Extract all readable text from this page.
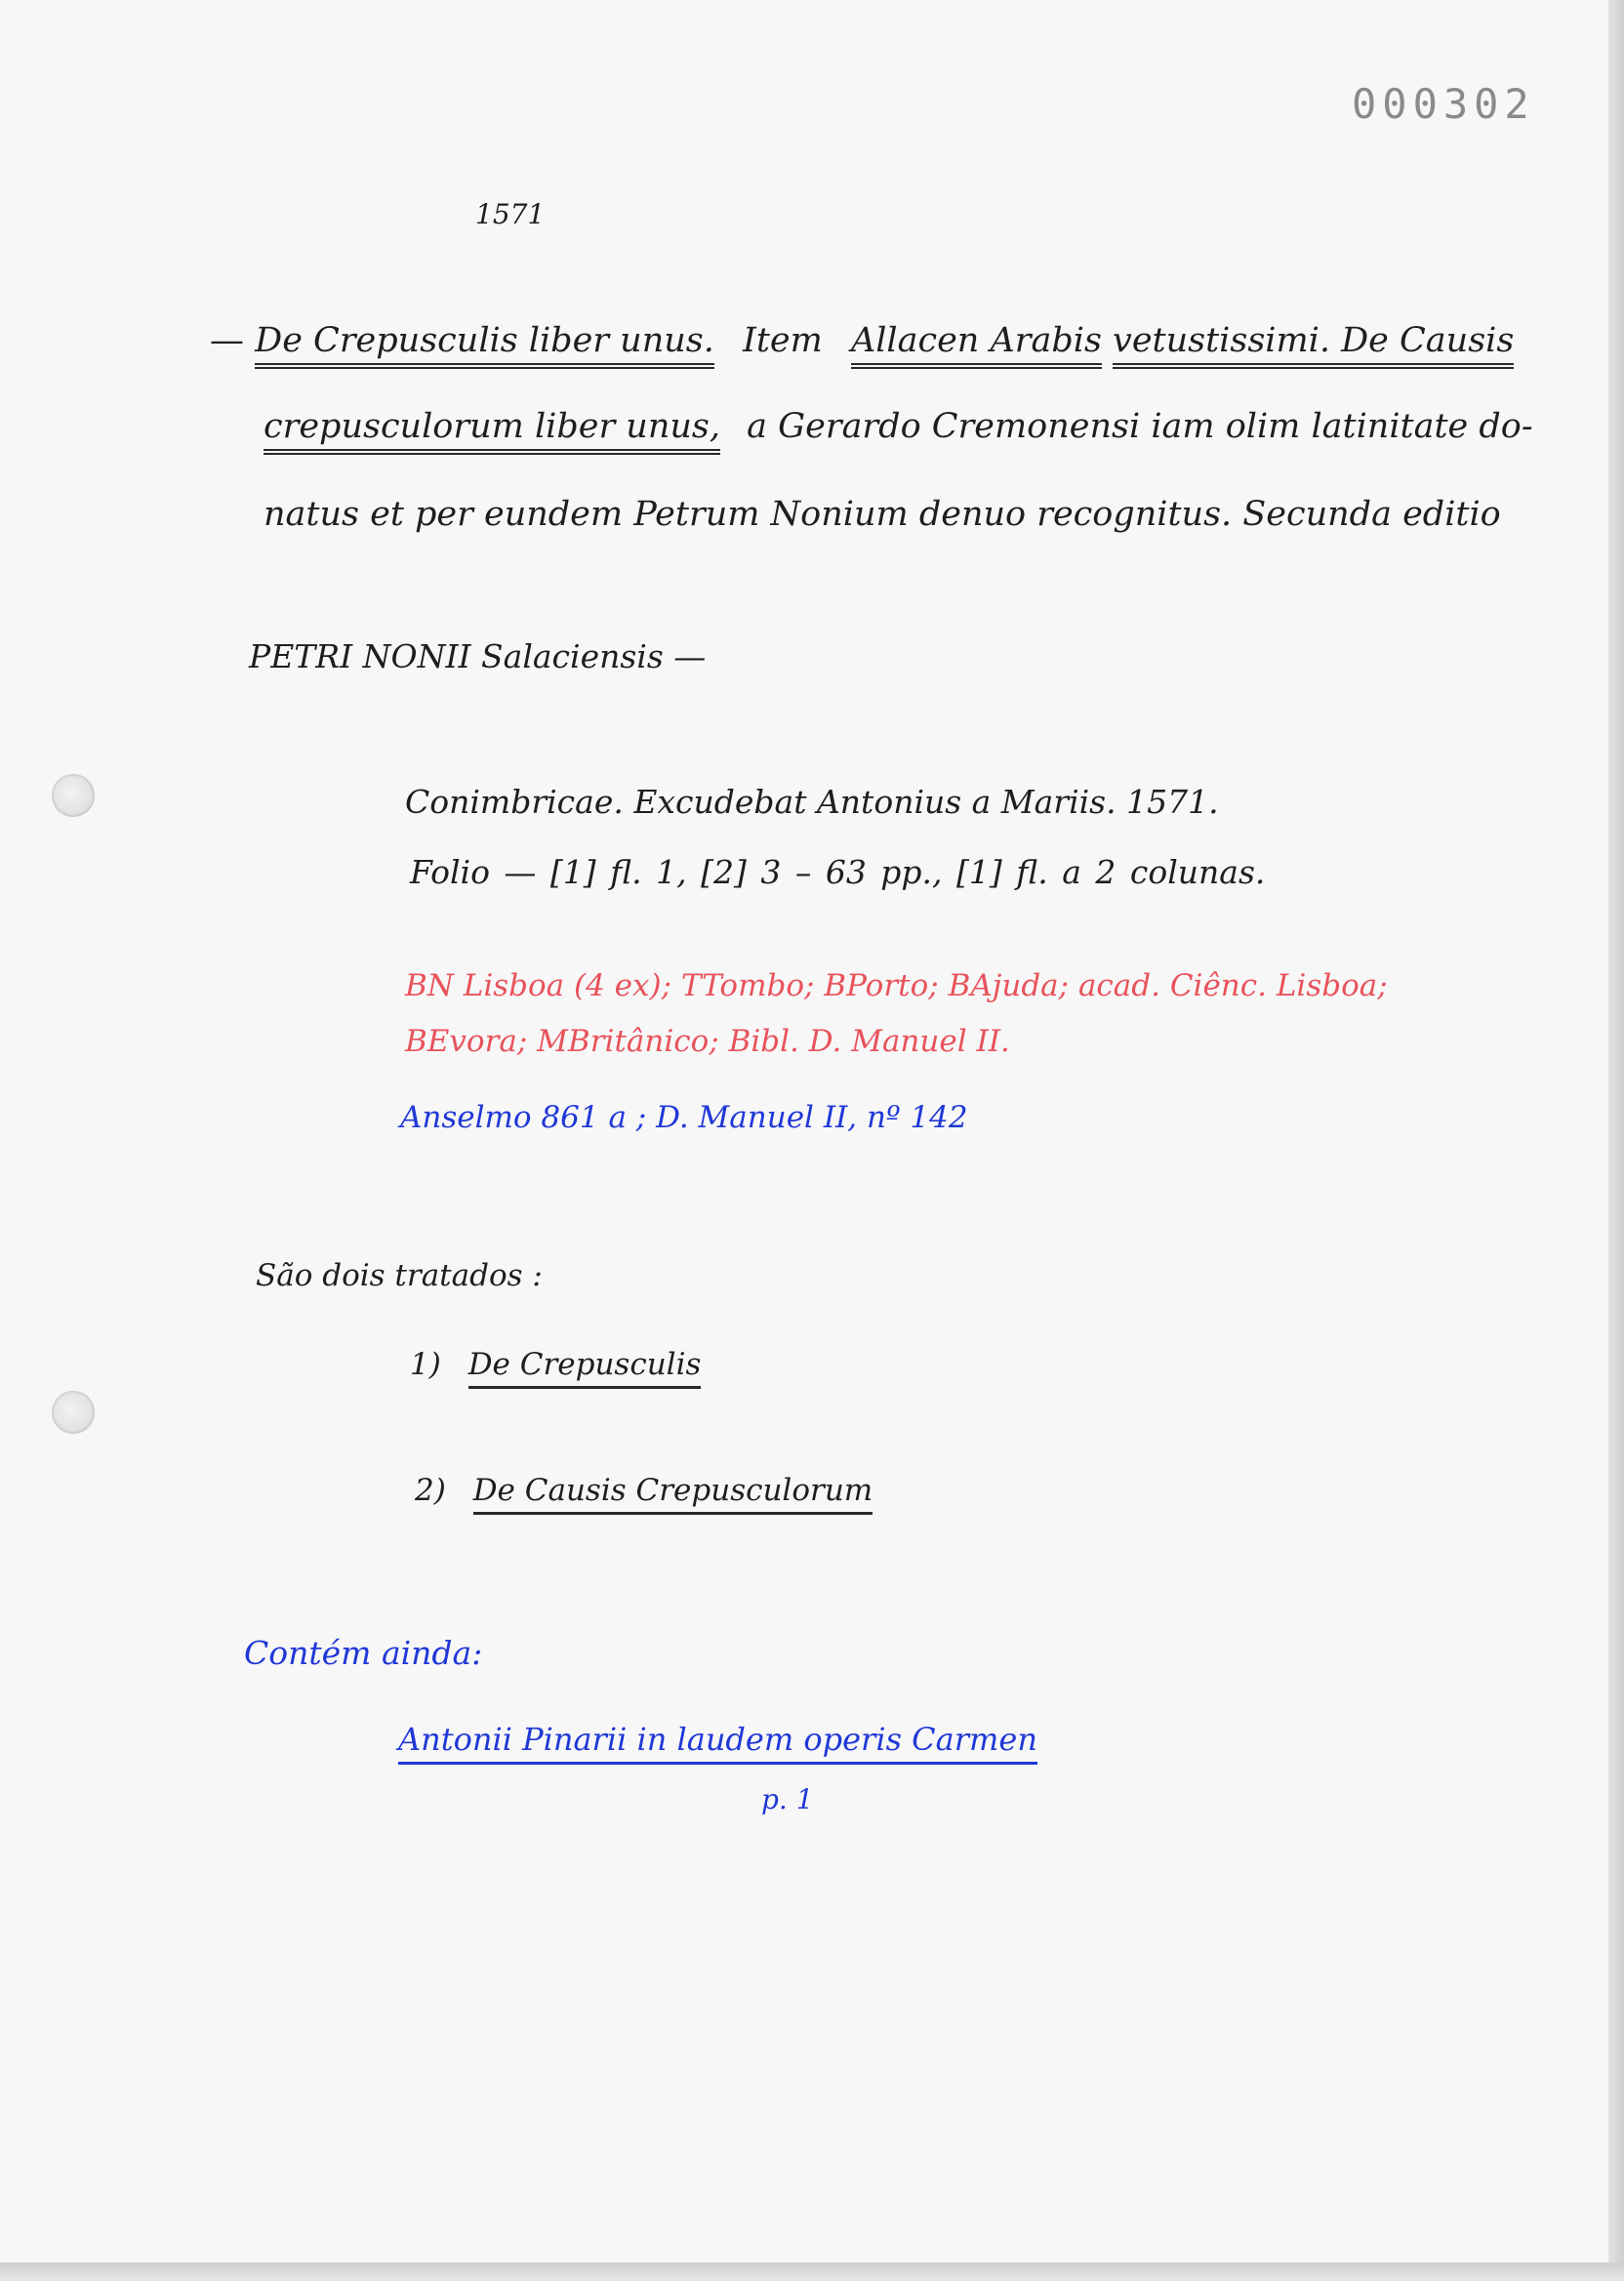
000302
1571
— De Crepusculis liber unus. Item Allacen Arabis vetustissimi. De Causis
crepusculorum liber unus, a Gerardo Cremonensi iam olim latinitate do-
natus et per eundem Petrum Nonium denuo recognitus. Secunda editio
PETRI NONII Salaciensis —
Conimbricae. Excudebat Antonius a Mariis. 1571.
Folio — [1] fl. 1, [2] 3 – 63 pp., [1] fl. a 2 colunas.
BN Lisboa (4 ex); TTombo; BPorto; BAjuda; acad. Ciênc. Lisboa;
BEvora; MBritânico; Bibl. D. Manuel II.
Anselmo 861 a ; D. Manuel II, nº 142
São dois tratados :
1) De Crepusculis
2) De Causis Crepusculorum
Contém ainda:
Antonii Pinarii in laudem operis Carmen
p. 1
